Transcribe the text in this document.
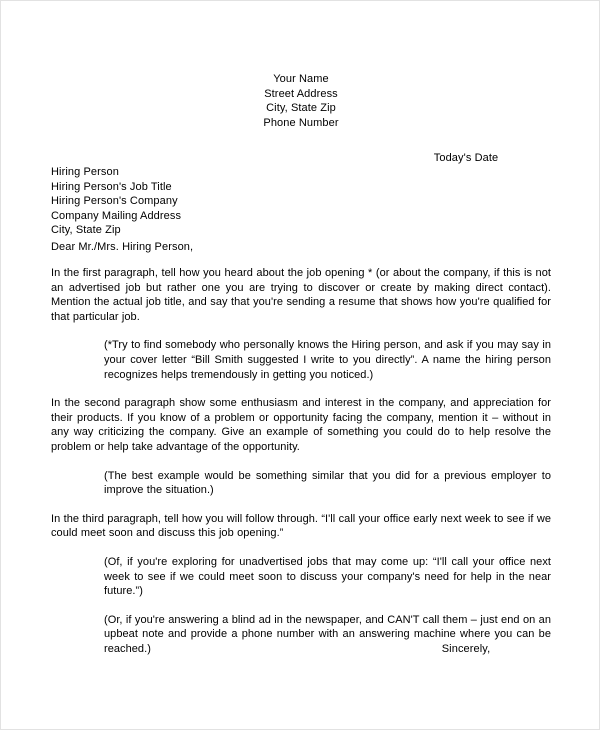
Your Name
Street Address
City, State Zip
Phone Number
Today's Date
Hiring Person
Hiring Person's Job Title
Hiring Person's Company
Company Mailing Address
City, State Zip
Dear Mr./Mrs. Hiring Person,

In the first paragraph, tell how you heard about the job opening * (or about the company, if this is not an advertised job but rather one you are trying to discover or create by making direct contact). Mention the actual job title, and say that you're sending a resume that shows how you're qualified for that particular job.

(*Try to find somebody who personally knows the Hiring person, and ask if you may say in your cover letter “Bill Smith suggested I write to you directly”. A name the hiring person recognizes helps tremendously in getting you noticed.)

In the second paragraph show some enthusiasm and interest in the company, and appreciation for their products. If you know of a problem or opportunity facing the company, mention it – without in any way criticizing the company. Give an example of something you could do to help resolve the problem or help take advantage of the opportunity.

(The best example would be something similar that you did for a previous employer to improve the situation.)

In the third paragraph, tell how you will follow through. “I'll call your office early next week to see if we could meet soon and discuss this job opening.”

(Of, if you're exploring for unadvertised jobs that may come up: “I'll call your office next week to see if we could meet soon to discuss your company's need for help in the near future.”)

(Or, if you're answering a blind ad in the newspaper, and CAN'T call them – just end on an upbeat note and provide a phone number with an answering machine where you can be reached.)	Sincerely,
